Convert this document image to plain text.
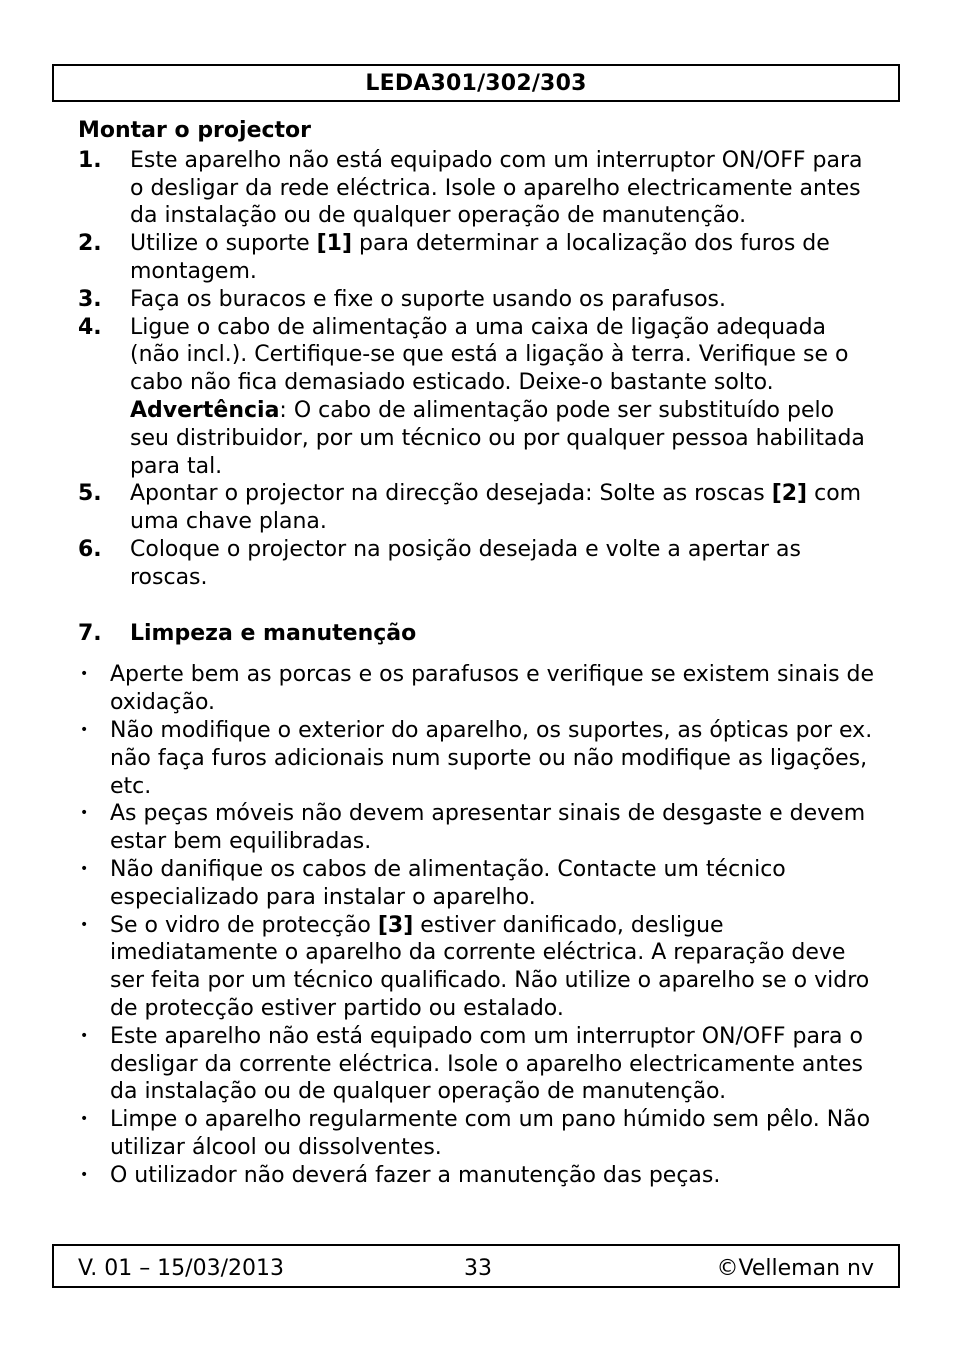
LEDA301/302/303

Montar o projector

1.	Este aparelho não está equipado com um interruptor ON/OFF para o desligar da rede eléctrica. Isole o aparelho electricamente antes da instalação ou de qualquer operação de manutenção.
2.	Utilize o suporte [1] para determinar a localização dos furos de montagem.
3.	Faça os buracos e fixe o suporte usando os parafusos.
4.	Ligue o cabo de alimentação a uma caixa de ligação adequada (não incl.). Certifique-se que está a ligação à terra. Verifique se o cabo não fica demasiado esticado. Deixe-o bastante solto.
Advertência: O cabo de alimentação pode ser substituído pelo seu distribuidor, por um técnico ou por qualquer pessoa habilitada para tal.
5.	Apontar o projector na direcção desejada: Solte as roscas [2] com uma chave plana.
6.	Coloque o projector na posição desejada e volte a apertar as roscas.
7.	Limpeza e manutenção
• Aperte bem as porcas e os parafusos e verifique se existem sinais de oxidação.
• Não modifique o exterior do aparelho, os suportes, as ópticas por ex. não faça furos adicionais num suporte ou não modifique as ligações, etc.
• As peças móveis não devem apresentar sinais de desgaste e devem estar bem equilibradas.
• Não danifique os cabos de alimentação. Contacte um técnico especializado para instalar o aparelho.
• Se o vidro de protecção [3] estiver danificado, desligue imediatamente o aparelho da corrente eléctrica. A reparação deve ser feita por um técnico qualificado. Não utilize o aparelho se o vidro de protecção estiver partido ou estalado.
• Este aparelho não está equipado com um interruptor ON/OFF para o desligar da corrente eléctrica. Isole o aparelho electricamente antes da instalação ou de qualquer operação de manutenção.
• Limpe o aparelho regularmente com um pano húmido sem pêlo. Não utilizar álcool ou dissolventes.
• O utilizador não deverá fazer a manutenção das peças.
V. 01 – 15/03/2013	33	©Velleman nv
